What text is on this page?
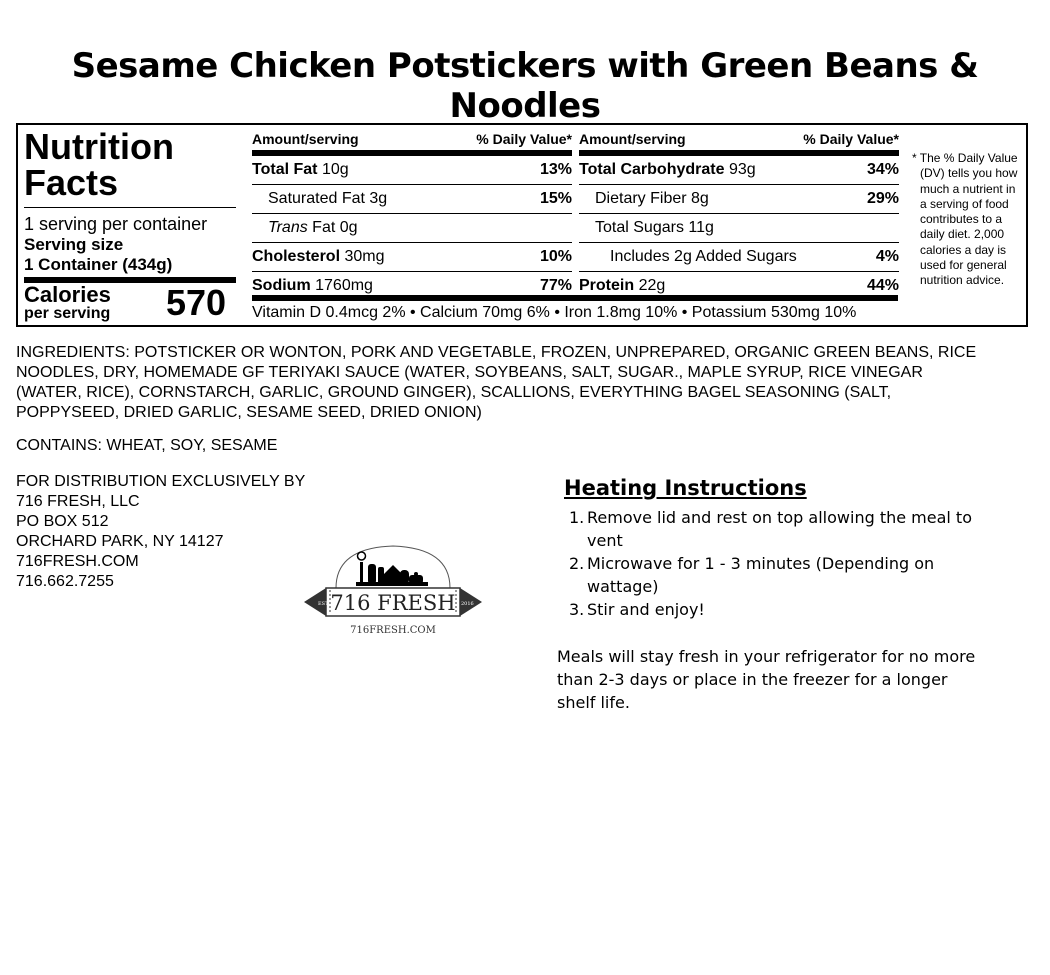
Sesame Chicken Potstickers with Green Beans & Noodles
Nutrition
Facts
1 serving per container
Serving size
1 Container (434g)
Calories
per serving 570
Amount/serving	% Daily Value*
Total Fat 10g	13%
Saturated Fat 3g	15%
Trans Fat 0g
Cholesterol 30mg	10%
Sodium 1760mg	77%
Amount/serving	% Daily Value*
Total Carbohydrate 93g	34%
Dietary Fiber 8g	29%
Total Sugars 11g
Includes 2g Added Sugars	4%
Protein 22g	44%
Vitamin D 0.4mcg 2% • Calcium 70mg 6% • Iron 1.8mg 10% • Potassium 530mg 10%
* The % Daily Value
(DV) tells you how
much a nutrient in
a serving of food
contributes to a
daily diet. 2,000
calories a day is
used for general
nutrition advice.
INGREDIENTS: POTSTICKER OR WONTON, PORK AND VEGETABLE, FROZEN, UNPREPARED, ORGANIC GREEN BEANS, RICE
NOODLES, DRY, HOMEMADE GF TERIYAKI SAUCE (WATER, SOYBEANS, SALT, SUGAR., MAPLE SYRUP, RICE VINEGAR
(WATER, RICE), CORNSTARCH, GARLIC, GROUND GINGER), SCALLIONS, EVERYTHING BAGEL SEASONING (SALT,
POPPYSEED, DRIED GARLIC, SESAME SEED, DRIED ONION)
CONTAINS: WHEAT, SOY, SESAME
FOR DISTRIBUTION EXCLUSIVELY BY
716 FRESH, LLC
PO BOX 512
ORCHARD PARK, NY 14127
716FRESH.COM
716.662.7255
EST.	2016
716 FRESH
716FRESH.COM
Heating Instructions
1. Remove lid and rest on top allowing the meal to vent
2. Microwave for 1 - 3 minutes (Depending on wattage)
3. Stir and enjoy!
Meals will stay fresh in your refrigerator for no more than 2-3 days or place in the freezer for a longer shelf life.
